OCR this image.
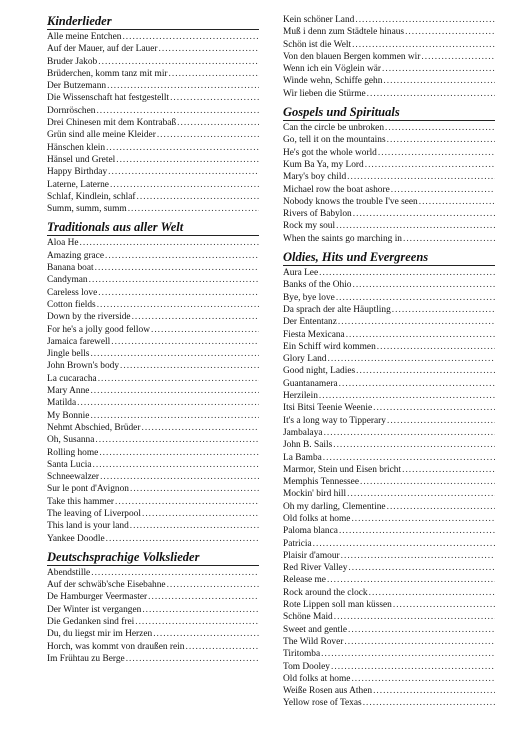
Kinderlieder
Alle meine Entchen
.....
Auf der Mauer, auf der Lauer
.....
Bruder Jakob
.....
Brüderchen, komm tanz mit mir
.....
Der Butzemann
.....
Die Wissenschaft hat festgestellt
.....
Dornröschen
.....
Drei Chinesen mit dem Kontrabaß
.....
Grün sind alle meine Kleider
.....
Hänschen klein
.....
Hänsel und Gretel
.....
Happy Birthday
.....
Laterne, Laterne
.....
Schlaf, Kindlein, schlaf
.....
Summ, summ, summ
.....
Traditionals aus aller Welt
Aloa He
.....
Amazing grace
.....
Banana boat
.....
Candyman
.....
Careless love
.....
Cotton fields
.....
Down by the riverside
.....
For he's a jolly good fellow
.....
Jamaica farewell
.....
Jingle bells
.....
John Brown's body
.....
La cucaracha
.....
Mary Anne
.....
Matilda
.....
My Bonnie
.....
Nehmt Abschied, Brüder
.....
Oh, Susanna
.....
Rolling home
.....
Santa Lucia
.....
Schneewalzer
.....
Sur le pont d'Avignon
.....
Take this hammer
.....
The leaving of Liverpool
.....
This land is your land
.....
Yankee Doodle
.....
Deutschsprachige Volkslieder
Abendstille
.....
Auf der schwäb'sche Eisebahne
.....
De Hamburger Veermaster
.....
Der Winter ist vergangen
.....
Die Gedanken sind frei
.....
Du, du liegst mir im Herzen
.....
Horch, was kommt von draußen rein
.....
Im Frühtau zu Berge
.....
Kein schöner Land
.....
Muß i denn zum Städtele hinaus
.....
Schön ist die Welt
.....
Von den blauen Bergen kommen wir
.....
Wenn ich ein Vöglein wär
.....
Winde wehn, Schiffe gehn
.....
Wir lieben die Stürme
.....
Gospels und Spirituals
Can the circle be unbroken
.....
Go, tell it on the mountains
.....
He's got the whole world
.....
Kum Ba Ya, my Lord
.....
Mary's boy child
.....
Michael row the boat ashore
.....
Nobody knows the trouble I've seen
.....
Rivers of Babylon
.....
Rock my soul
.....
When the saints go marching in
.....
Oldies, Hits und Evergreens
Aura Lee
.....
Banks of the Ohio
.....
Bye, bye love
.....
Da sprach der alte Häuptling
.....
Der Ententanz
.....
Fiesta Mexicana
.....
Ein Schiff wird kommen
.....
Glory Land
.....
Good night, Ladies
.....
Guantanamera
.....
Herzilein
.....
Itsi Bitsi Teenie Weenie
.....
It's a long way to Tipperary
.....
Jambalaya
.....
John B. Sails
.....
La Bamba
.....
Marmor, Stein und Eisen bricht
.....
Memphis Tennessee
.....
Mockin' bird hill
.....
Oh my darling, Clementine
.....
Old folks at home
.....
Paloma blanca
.....
Patricia
.....
Plaisir d'amour
.....
Red River Valley
.....
Release me
.....
Rock around the clock
.....
Rote Lippen soll man küssen
.....
Schöne Maid
.....
Sweet and gentle
.....
The Wild Rover
.....
Tiritomba
.....
Tom Dooley
.....
Old folks at home
.....
Weiße Rosen aus Athen
.....
Yellow rose of Texas
.....
